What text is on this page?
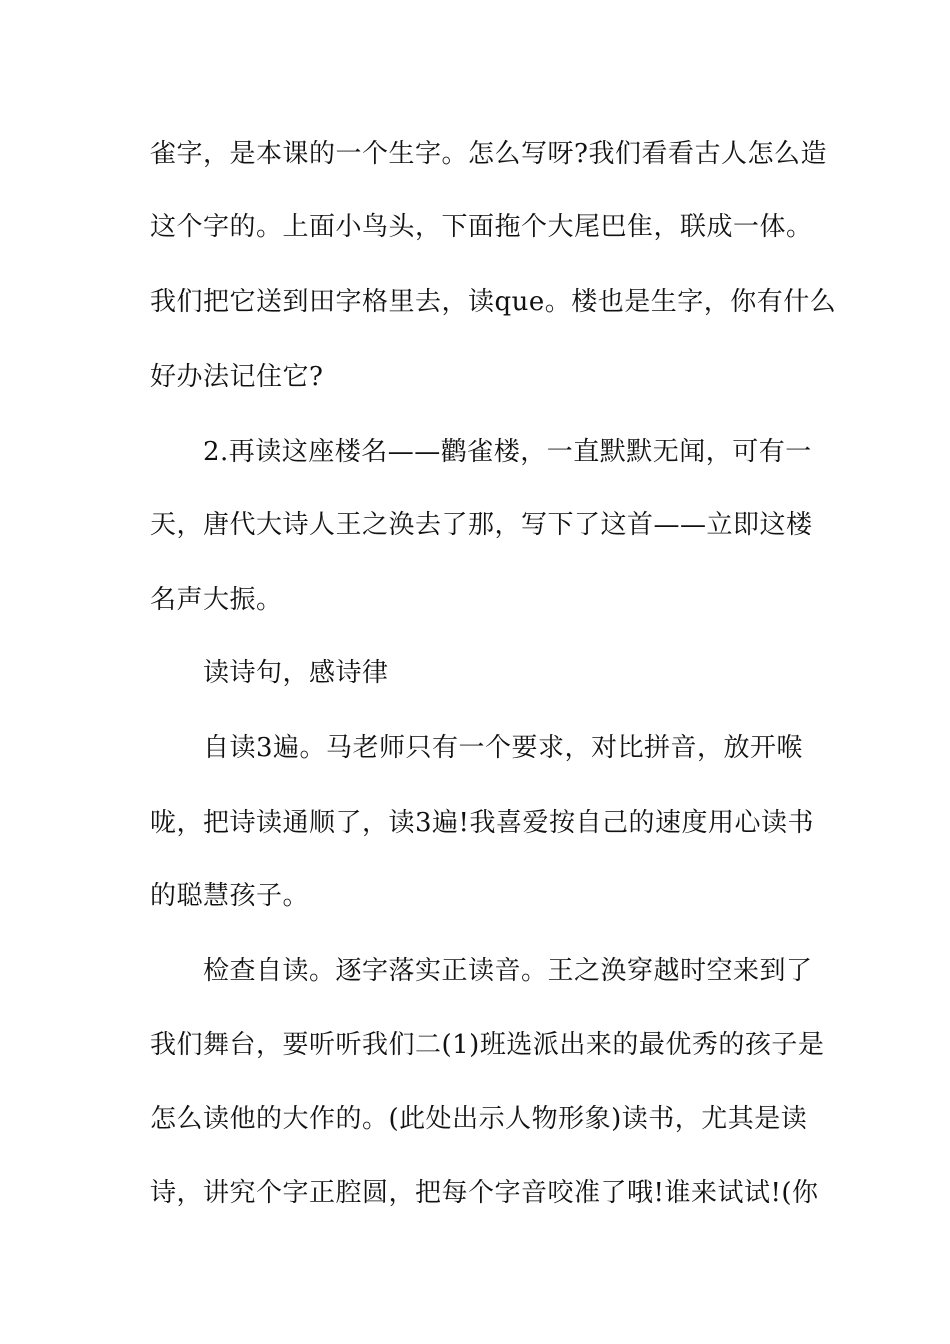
雀字，是本课的一个生字。怎么写呀?我们看看古人怎么造
这个字的。上面小鸟头，下面拖个大尾巴隹，联成一体。
我们把它送到田字格里去，读que。楼也是生字，你有什么
好办法记住它?
2.再读这座楼名——鹳雀楼，一直默默无闻，可有一
天，唐代大诗人王之涣去了那，写下了这首——立即这楼
名声大振。
读诗句，感诗律
自读3遍。马老师只有一个要求，对比拼音，放开喉
咙，把诗读通顺了，读3遍!我喜爱按自己的速度用心读书
的聪慧孩子。
检查自读。逐字落实正读音。王之涣穿越时空来到了
我们舞台，要听听我们二(1)班选派出来的最优秀的孩子是
怎么读他的大作的。(此处出示人物形象)读书，尤其是读
诗，讲究个字正腔圆，把每个字音咬准了哦!谁来试试!(你
